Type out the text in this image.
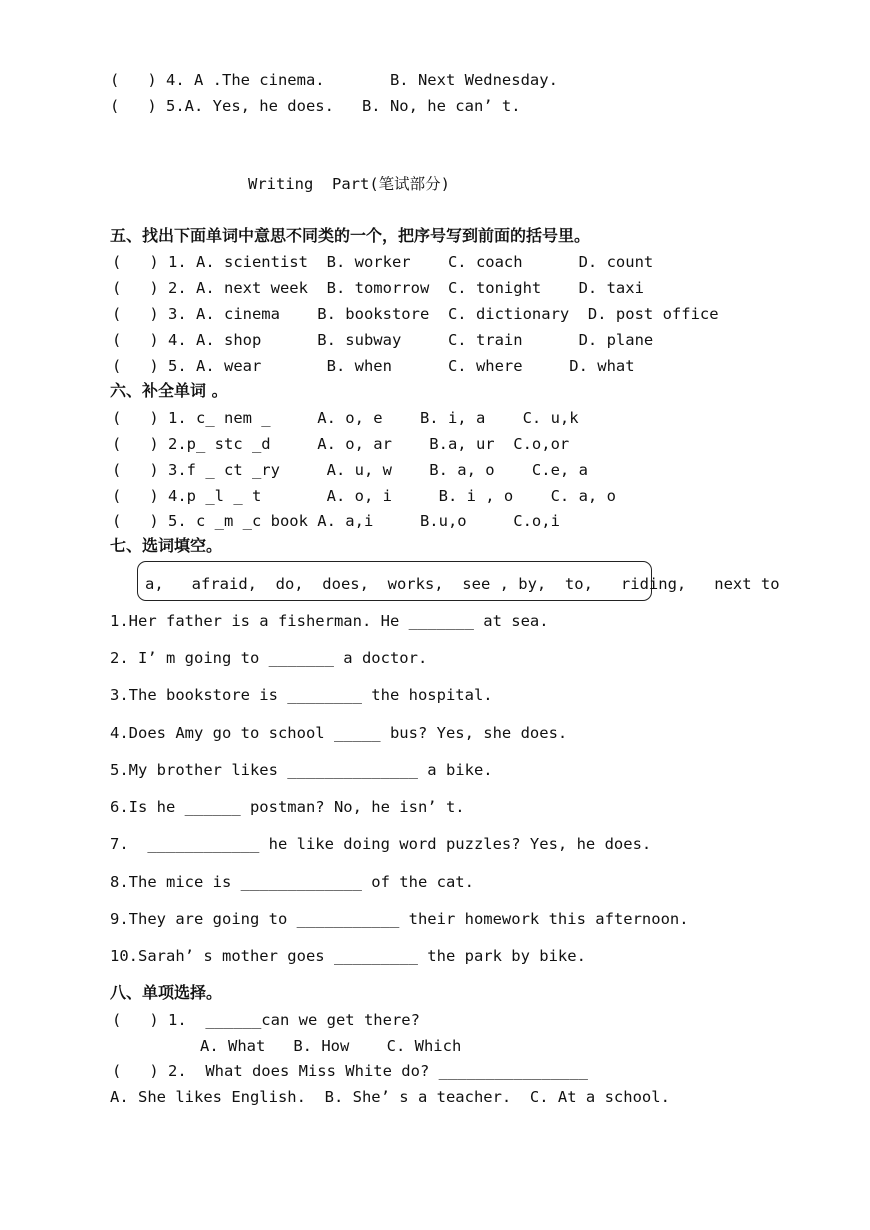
(   ) 4. A .The cinema.       B. Next Wednesday.
(   ) 5.A. Yes, he does.   B. No, he can’ t.
Writing  Part(笔试部分)
五、找出下面单词中意思不同类的一个，把序号写到前面的括号里。
(   ) 1. A. scientist  B. worker    C. coach      D. count
(   ) 2. A. next week  B. tomorrow  C. tonight    D. taxi
(   ) 3. A. cinema    B. bookstore  C. dictionary  D. post office
(   ) 4. A. shop      B. subway     C. train      D. plane
(   ) 5. A. wear       B. when      C. where     D. what
六、补全单词 。
(   ) 1. c_ nem _     A. o, e    B. i, a    C. u,k
(   ) 2.p_ stc _d     A. o, ar    B.a, ur  C.o,or
(   ) 3.f _ ct _ry     A. u, w    B. a, o    C.e, a
(   ) 4.p _l _ t       A. o, i     B. i , o    C. a, o
(   ) 5. c _m _c book A. a,i     B.u,o     C.o,i
七、选词填空。
a,   afraid,  do,  does,  works,  see , by,  to,   riding,   next to
1.Her father is a fisherman. He _______ at sea.
2. I’ m going to _______ a doctor.
3.The bookstore is ________ the hospital.
4.Does Amy go to school _____ bus? Yes, she does.
5.My brother likes ______________ a bike.
6.Is he ______ postman? No, he isn’ t.
7.  ____________ he like doing word puzzles? Yes, he does.
8.The mice is _____________ of the cat.
9.They are going to ___________ their homework this afternoon.
10.Sarah’ s mother goes _________ the park by bike.
八、单项选择。
(   ) 1.  ______can we get there?
A. What   B. How    C. Which
(   ) 2.  What does Miss White do? ________________
A. She likes English.  B. She’ s a teacher.  C. At a school.
